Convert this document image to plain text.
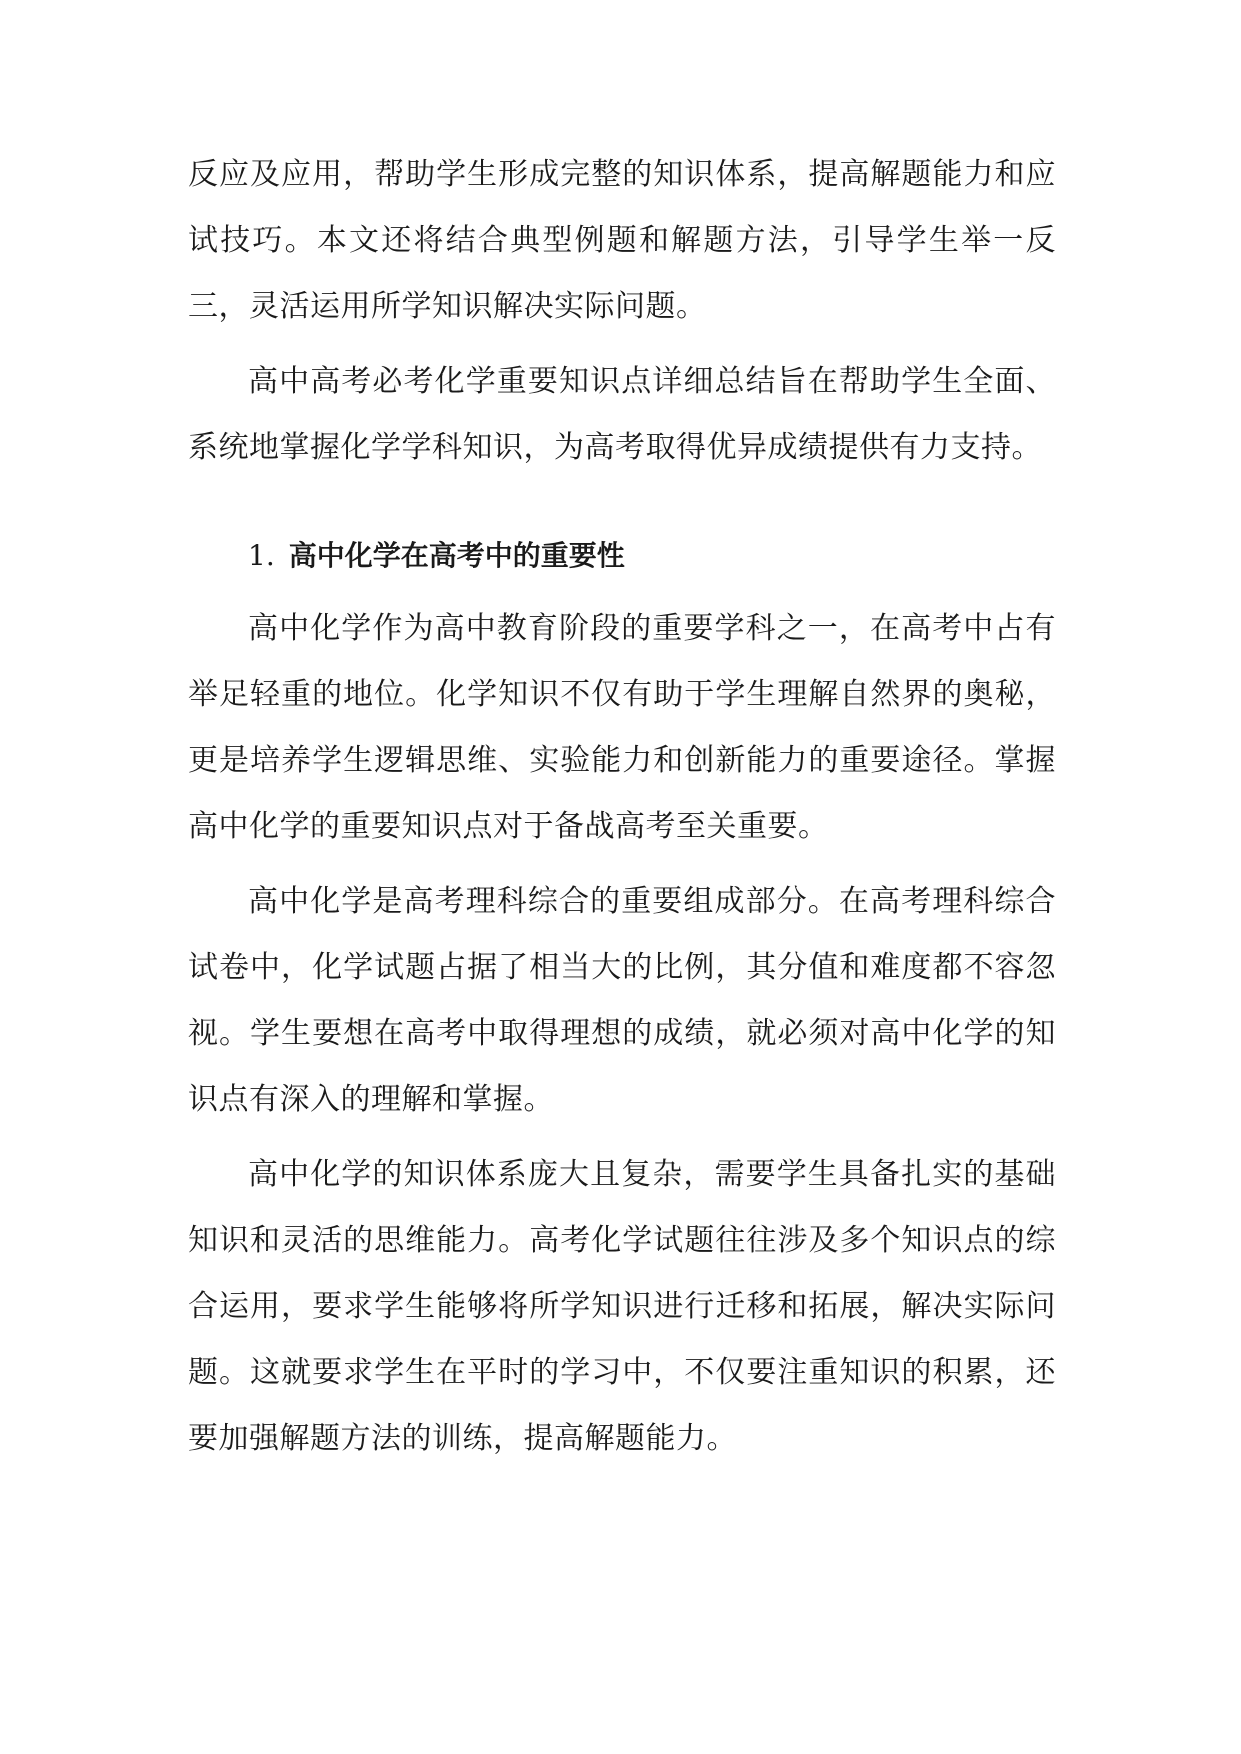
反应及应用，帮助学生形成完整的知识体系，提高解题能力和应试技巧。本文还将结合典型例题和解题方法，引导学生举一反三，灵活运用所学知识解决实际问题。

高中高考必考化学重要知识点详细总结旨在帮助学生全面、系统地掌握化学学科知识，为高考取得优异成绩提供有力支持。

1. 高中化学在高考中的重要性

高中化学作为高中教育阶段的重要学科之一，在高考中占有举足轻重的地位。化学知识不仅有助于学生理解自然界的奥秘，更是培养学生逻辑思维、实验能力和创新能力的重要途径。掌握高中化学的重要知识点对于备战高考至关重要。

高中化学是高考理科综合的重要组成部分。在高考理科综合试卷中，化学试题占据了相当大的比例，其分值和难度都不容忽视。学生要想在高考中取得理想的成绩，就必须对高中化学的知识点有深入的理解和掌握。

高中化学的知识体系庞大且复杂，需要学生具备扎实的基础知识和灵活的思维能力。高考化学试题往往涉及多个知识点的综合运用，要求学生能够将所学知识进行迁移和拓展，解决实际问题。这就要求学生在平时的学习中，不仅要注重知识的积累，还要加强解题方法的训练，提高解题能力。
